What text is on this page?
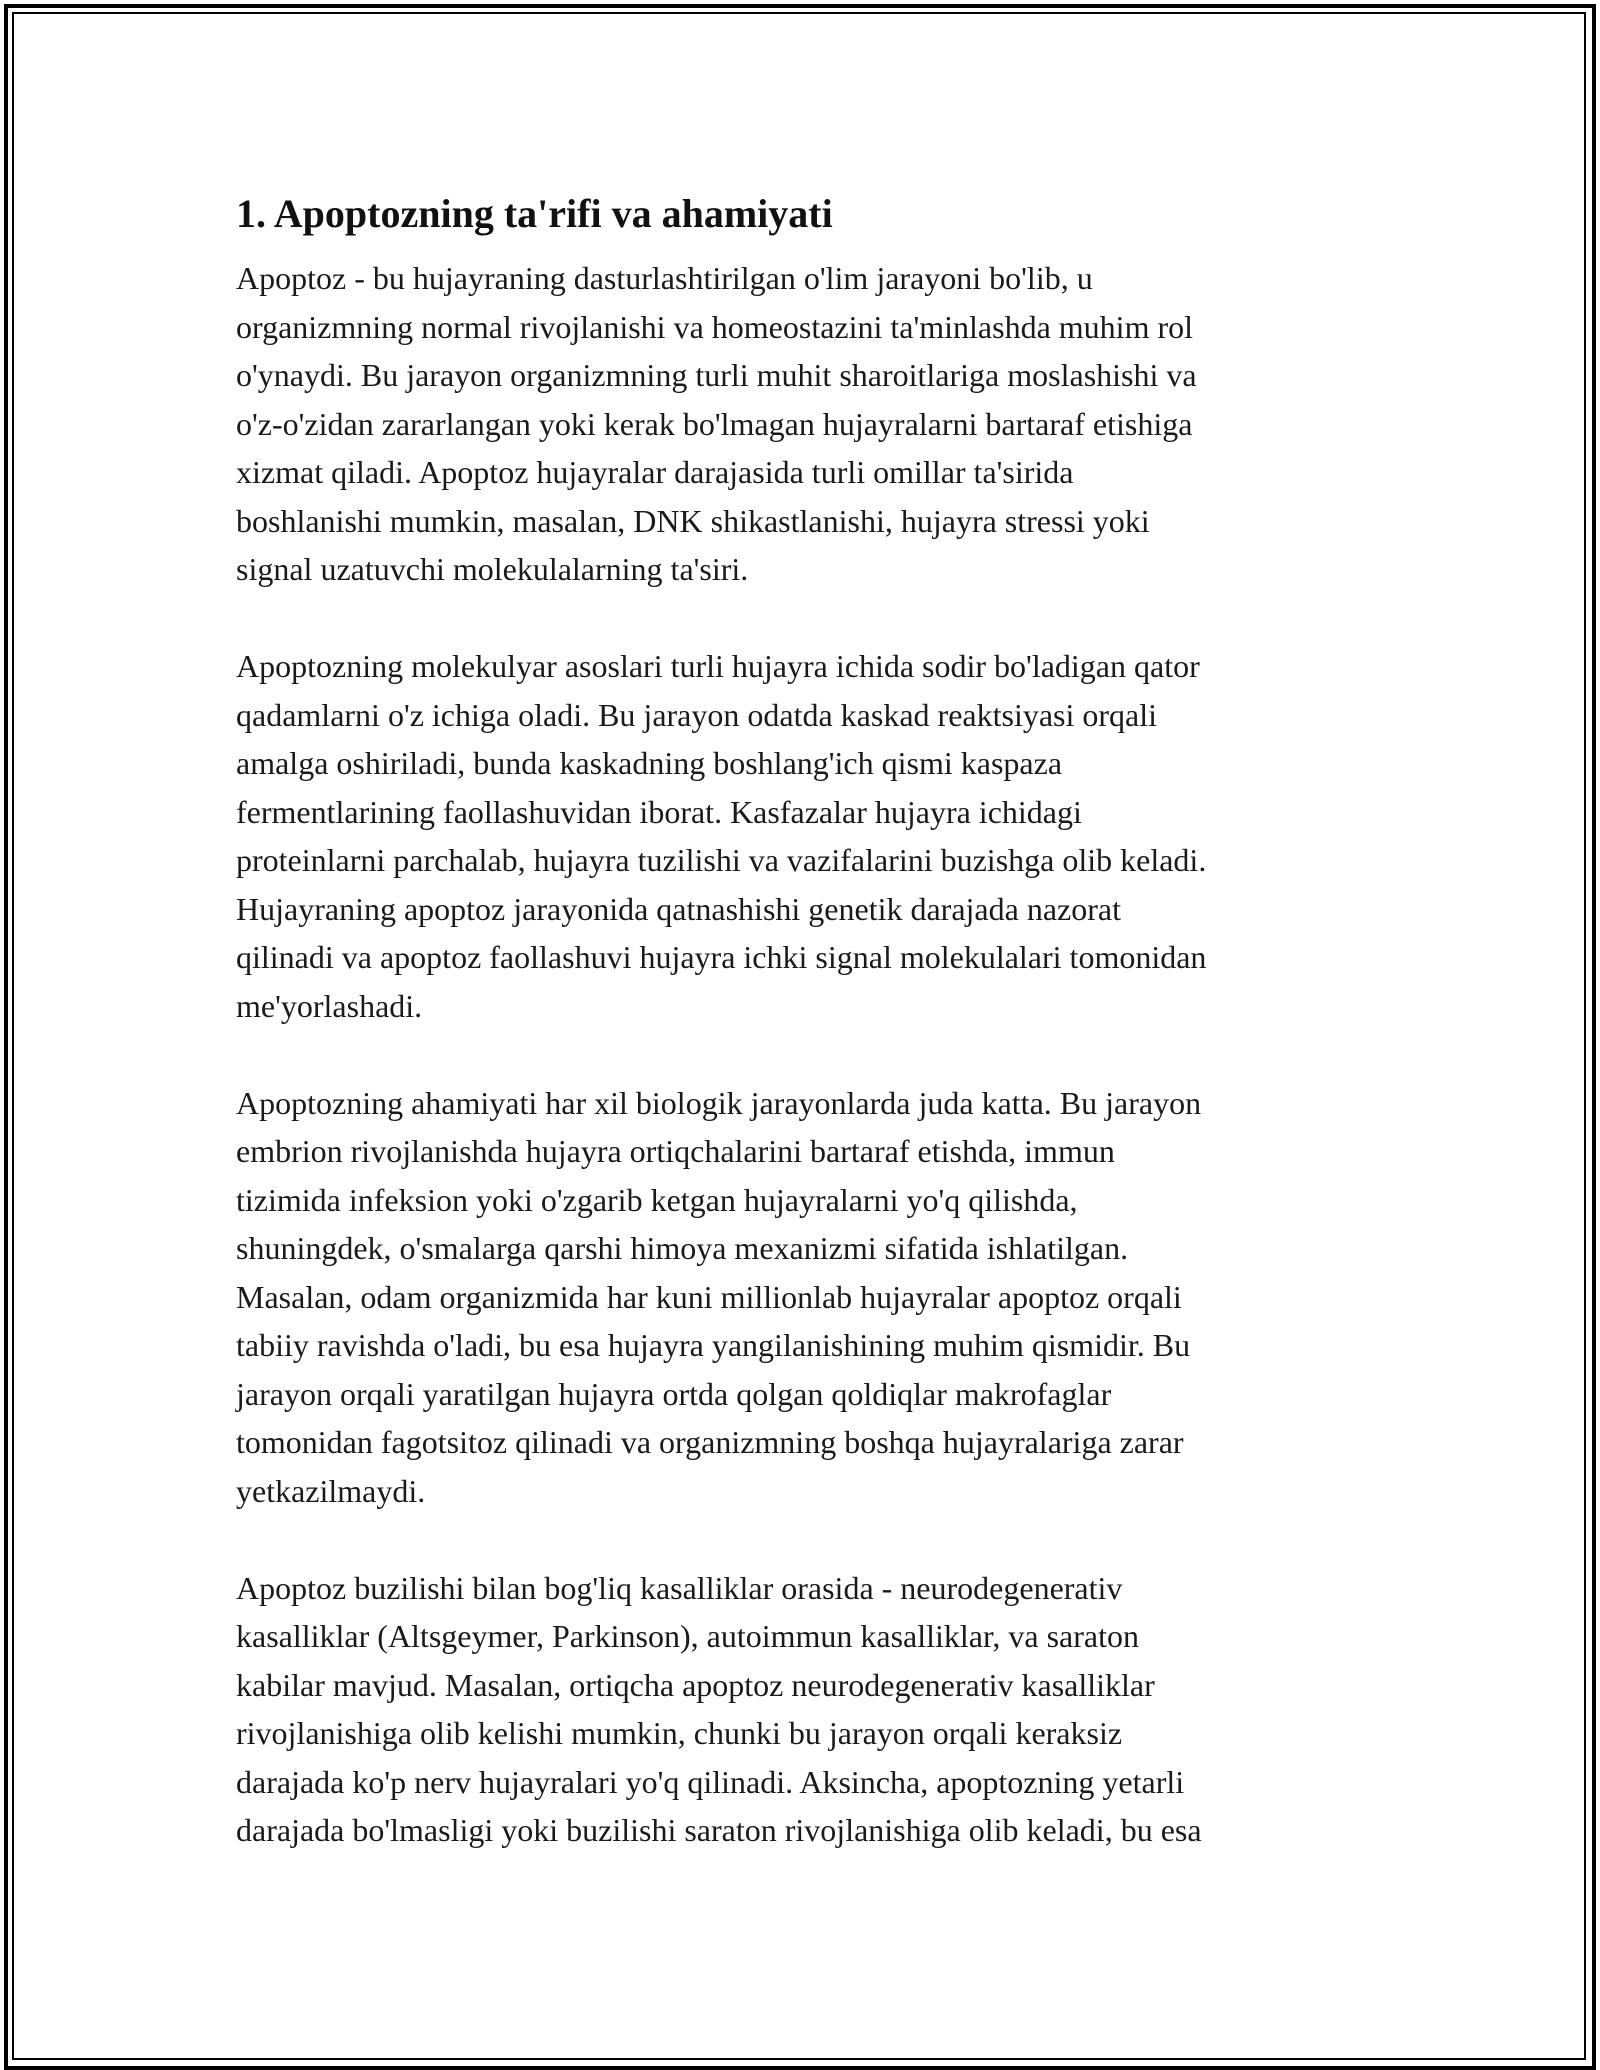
1. Apoptozning ta'rifi va ahamiyati

Apoptoz - bu hujayraning dasturlashtirilgan o'lim jarayoni bo'lib, u
organizmning normal rivojlanishi va homeostazini ta'minlashda muhim rol
o'ynaydi. Bu jarayon organizmning turli muhit sharoitlariga moslashishi va
o'z-o'zidan zararlangan yoki kerak bo'lmagan hujayralarni bartaraf etishiga
xizmat qiladi. Apoptoz hujayralar darajasida turli omillar ta'sirida
boshlanishi mumkin, masalan, DNK shikastlanishi, hujayra stressi yoki
signal uzatuvchi molekulalarning ta'siri.

Apoptozning molekulyar asoslari turli hujayra ichida sodir bo'ladigan qator
qadamlarni o'z ichiga oladi. Bu jarayon odatda kaskad reaktsiyasi orqali
amalga oshiriladi, bunda kaskadning boshlang'ich qismi kaspaza
fermentlarining faollashuvidan iborat. Kasfazalar hujayra ichidagi
proteinlarni parchalab, hujayra tuzilishi va vazifalarini buzishga olib keladi.
Hujayraning apoptoz jarayonida qatnashishi genetik darajada nazorat
qilinadi va apoptoz faollashuvi hujayra ichki signal molekulalari tomonidan
me'yorlashadi.

Apoptozning ahamiyati har xil biologik jarayonlarda juda katta. Bu jarayon
embrion rivojlanishda hujayra ortiqchalarini bartaraf etishda, immun
tizimida infeksion yoki o'zgarib ketgan hujayralarni yo'q qilishda,
shuningdek, o'smalarga qarshi himoya mexanizmi sifatida ishlatilgan.
Masalan, odam organizmida har kuni millionlab hujayralar apoptoz orqali
tabiiy ravishda o'ladi, bu esa hujayra yangilanishining muhim qismidir. Bu
jarayon orqali yaratilgan hujayra ortda qolgan qoldiqlar makrofaglar
tomonidan fagotsitoz qilinadi va organizmning boshqa hujayralariga zarar
yetkazilmaydi.

Apoptoz buzilishi bilan bog'liq kasalliklar orasida - neurodegenerativ
kasalliklar (Altsgeymer, Parkinson), autoimmun kasalliklar, va saraton
kabilar mavjud. Masalan, ortiqcha apoptoz neurodegenerativ kasalliklar
rivojlanishiga olib kelishi mumkin, chunki bu jarayon orqali keraksiz
darajada ko'p nerv hujayralari yo'q qilinadi. Aksincha, apoptozning yetarli
darajada bo'lmasligi yoki buzilishi saraton rivojlanishiga olib keladi, bu esa
